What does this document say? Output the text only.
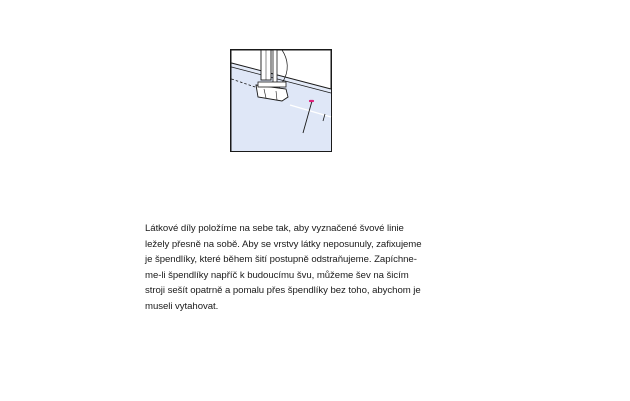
Látkové díly položíme na sebe tak, aby vyznačené švové linie
ležely přesně na sobě. Aby se vrstvy látky neposunuly, zafixujeme
je špendlíky, které během šití postupně odstraňujeme. Zapíchne-
me-li špendlíky napříč k budoucímu švu, můžeme šev na šicím
stroji sešít opatrně a pomalu přes špendlíky bez toho, abychom je
museli vytahovat.
